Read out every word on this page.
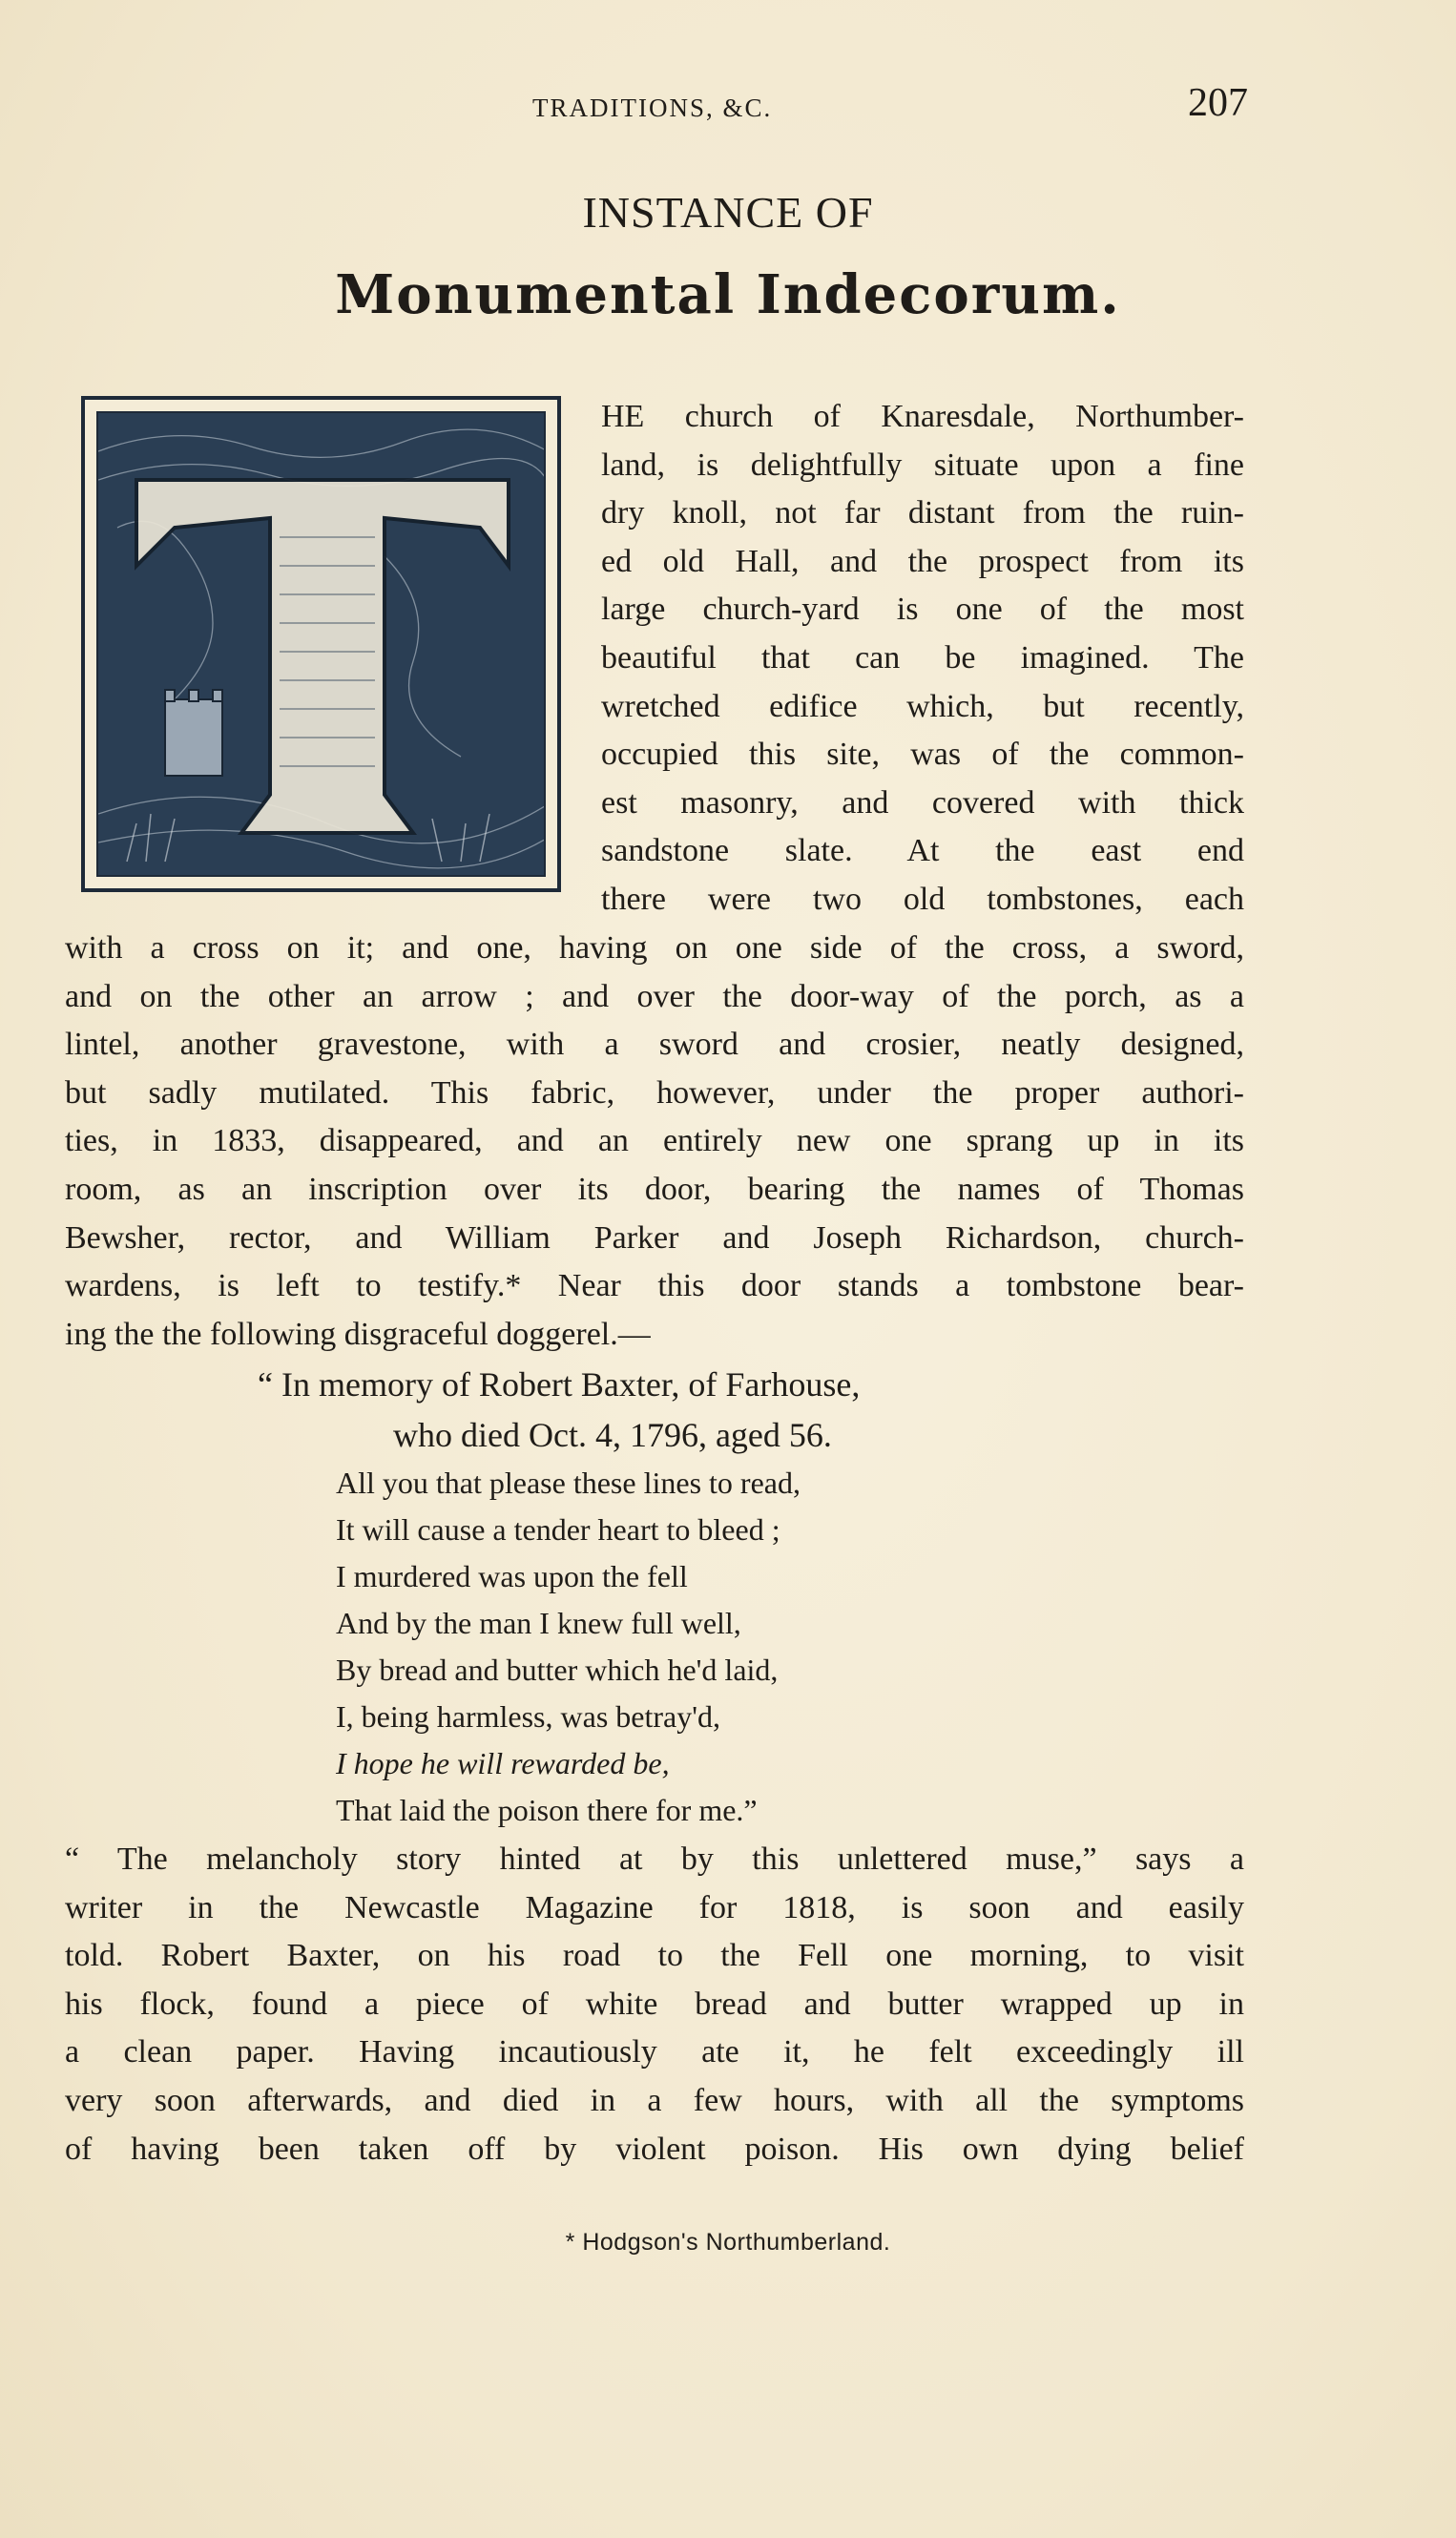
TRADITIONS, &C.	207
INSTANCE OF
Monumental Indecorum.
HE church of Knaresdale, Northumber-
land, is delightfully situate upon a fine
dry knoll, not far distant from the ruin-
ed old Hall, and the prospect from its
large church-yard is one of the most
beautiful that can be imagined. The
wretched edifice which, but recently,
occupied this site, was of the common-
est masonry, and covered with thick
sandstone slate. At the east end
there were two old tombstones, each
with a cross on it; and one, having on one side of the cross, a sword,
and on the other an arrow ; and over the door-way of the porch, as a
lintel, another gravestone, with a sword and crosier, neatly designed,
but sadly mutilated. This fabric, however, under the proper authori-
ties, in 1833, disappeared, and an entirely new one sprang up in its
room, as an inscription over its door, bearing the names of Thomas
Bewsher, rector, and William Parker and Joseph Richardson, church-
wardens, is left to testify.* Near this door stands a tombstone bear-
ing the the following disgraceful doggerel.—
“ In memory of Robert Baxter, of Farhouse,
who died Oct. 4, 1796, aged 56.
All you that please these lines to read,
It will cause a tender heart to bleed ;
I murdered was upon the fell
And by the man I knew full well,
By bread and butter which he'd laid,
I, being harmless, was betray'd,
I hope he will rewarded be,
That laid the poison there for me.”
“ The melancholy story hinted at by this unlettered muse,” says a
writer in the Newcastle Magazine for 1818, is soon and easily
told. Robert Baxter, on his road to the Fell one morning, to visit
his flock, found a piece of white bread and butter wrapped up in
a clean paper. Having incautiously ate it, he felt exceedingly ill
very soon afterwards, and died in a few hours, with all the symptoms
of having been taken off by violent poison. His own dying belief
* Hodgson's Northumberland.
